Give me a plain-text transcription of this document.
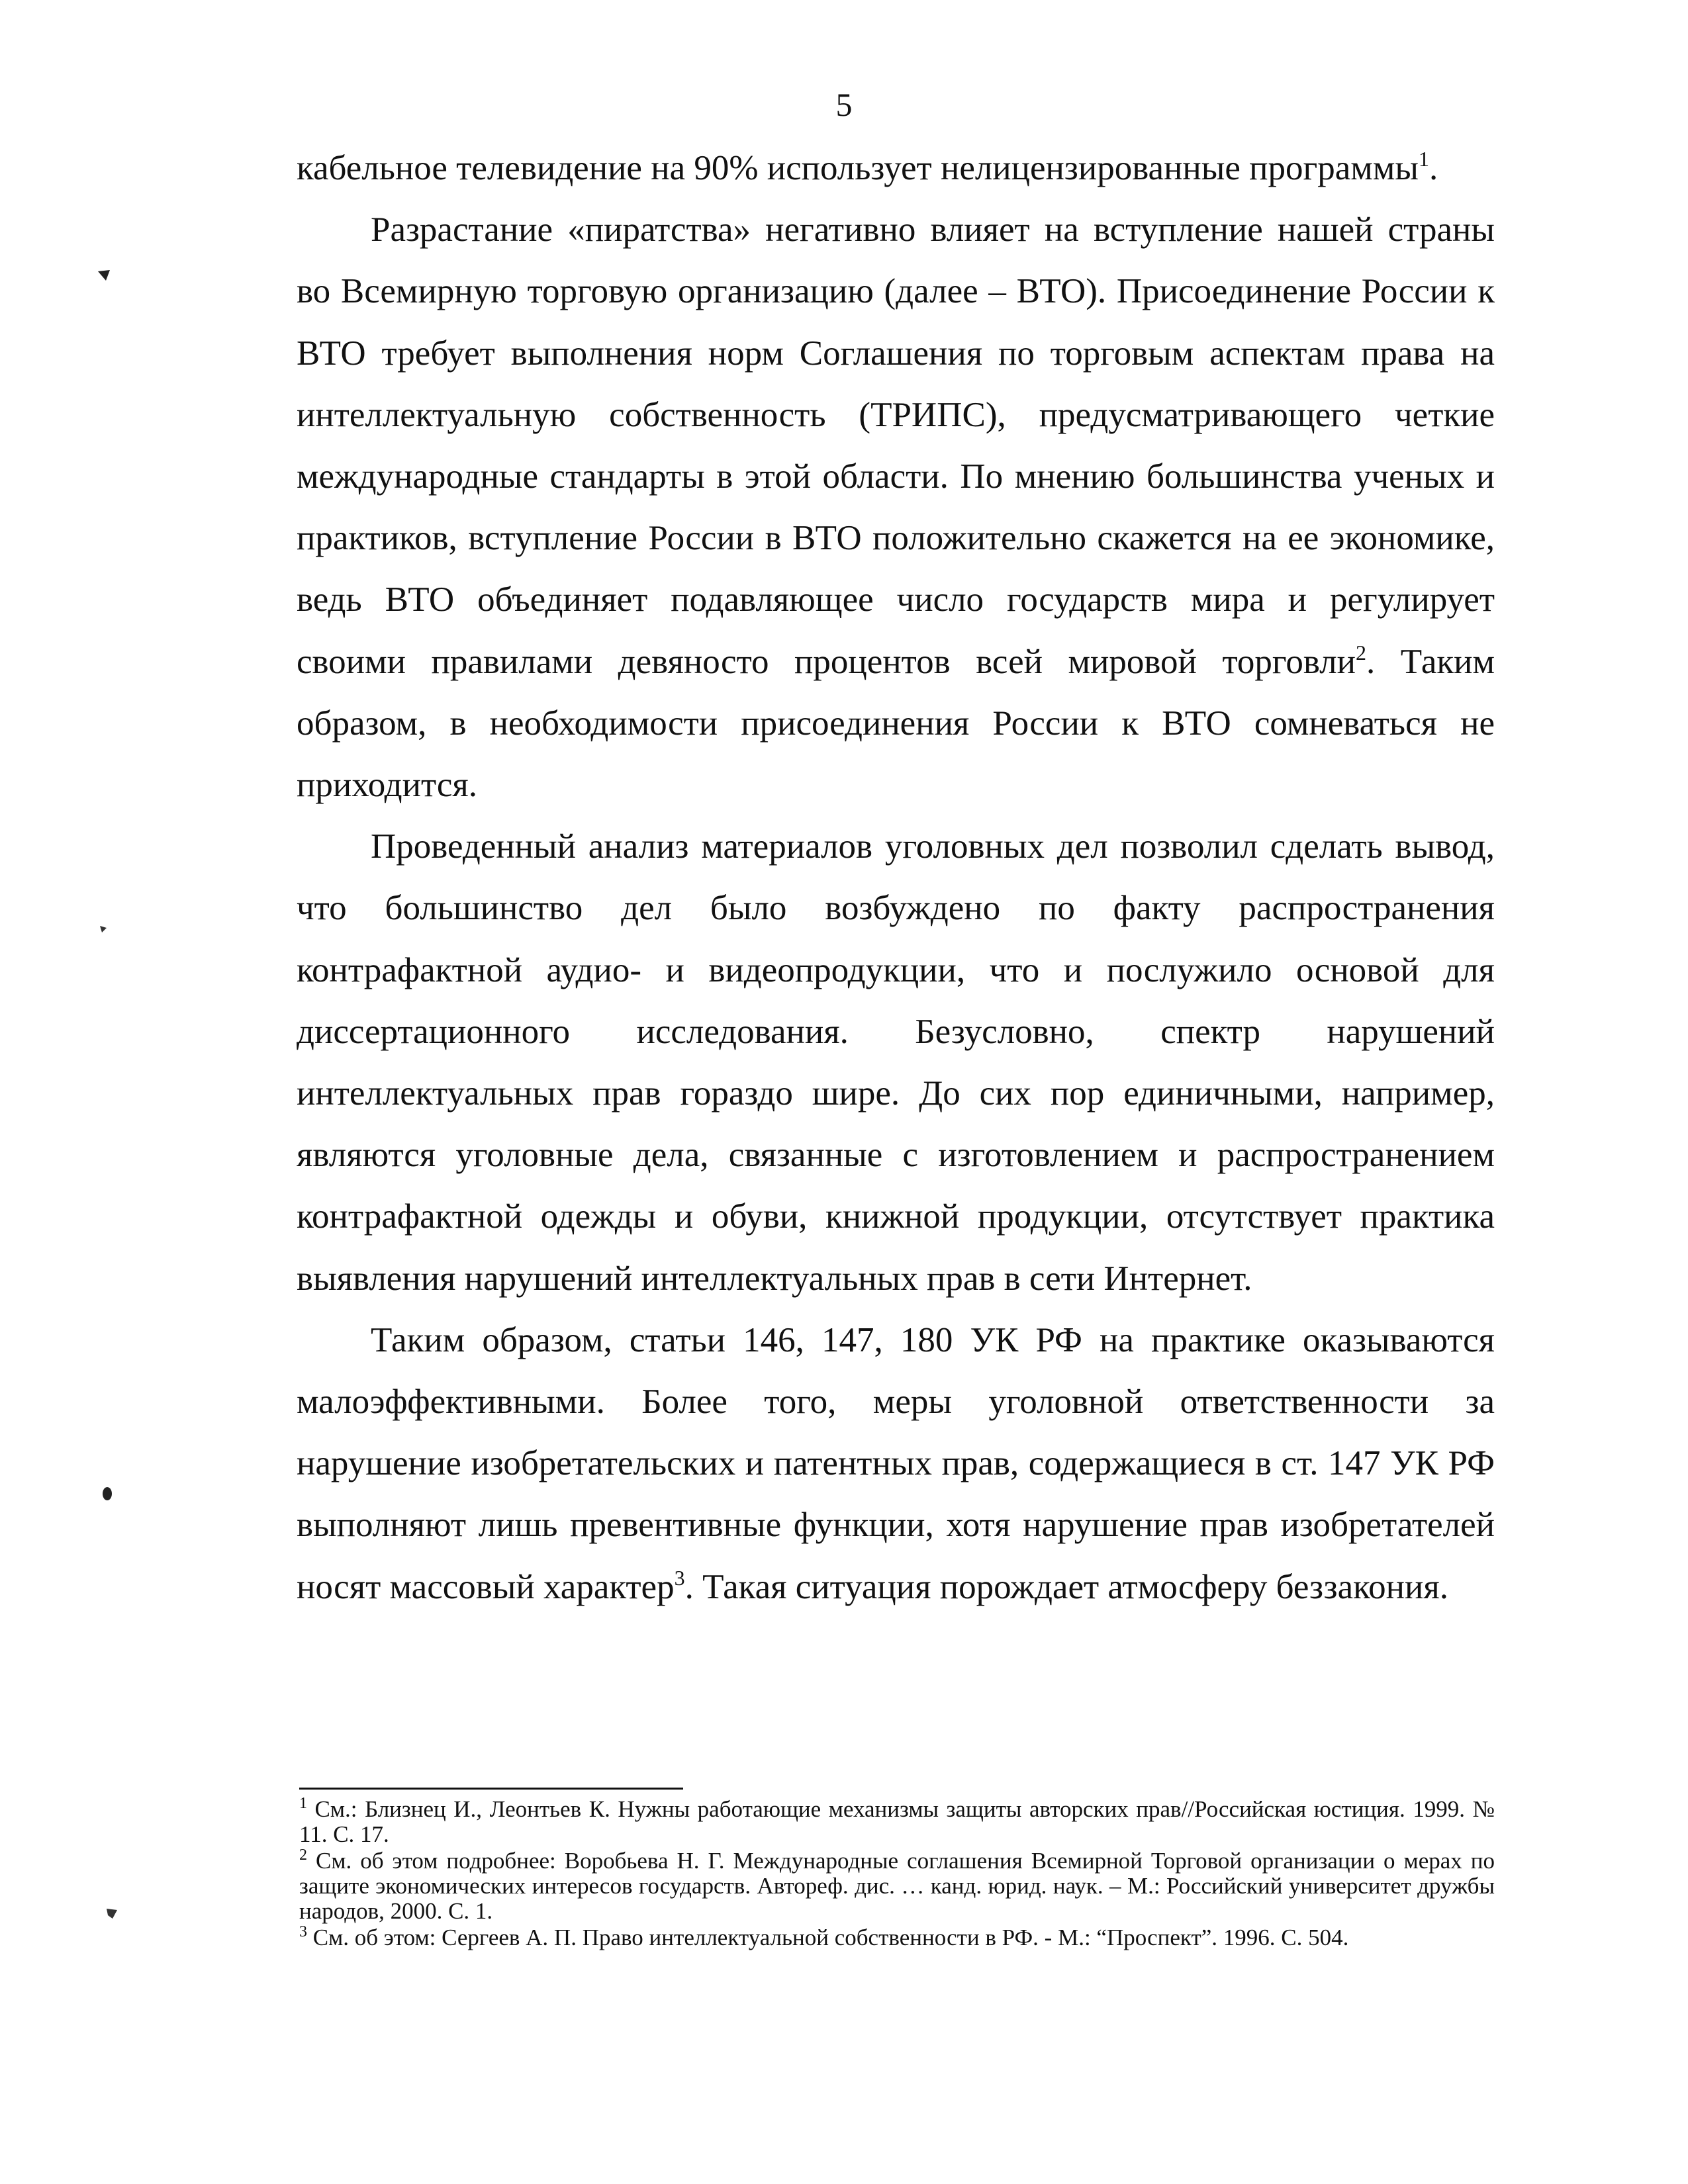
5

кабельное телевидение на 90% использует нелицензированные программы$^1$.

Разрастание «пиратства» негативно влияет на вступление нашей страны во Всемирную торговую организацию (далее – ВТО). Присоединение России к ВТО требует выполнения норм Соглашения по торговым аспектам права на интеллектуальную собственность (ТРИПС), предусматривающего четкие международные стандарты в этой области. По мнению большинства ученых и практиков, вступление России в ВТО положительно скажется на ее экономике, ведь ВТО объединяет подавляющее число государств мира и регулирует своими правилами девяносто процентов всей мировой торговли$^2$. Таким образом, в необходимости присоединения России к ВТО сомневаться не приходится.

Проведенный анализ материалов уголовных дел позволил сделать вывод, что большинство дел было возбуждено по факту распространения контрафактной аудио- и видеопродукции, что и послужило основой для диссертационного исследования. Безусловно, спектр нарушений интеллектуальных прав гораздо шире. До сих пор единичными, например, являются уголовные дела, связанные с изготовлением и распространением контрафактной одежды и обуви, книжной продукции, отсутствует практика выявления нарушений интеллектуальных прав в сети Интернет.

Таким образом, статьи 146, 147, 180 УК РФ на практике оказываются малоэффективными. Более того, меры уголовной ответственности за нарушение изобретательских и патентных прав, содержащиеся в ст. 147 УК РФ выполняют лишь превентивные функции, хотя нарушение прав изобретателей носят массовый характер$^3$. Такая ситуация порождает атмосферу беззакония.

$^1$ См.: Близнец И., Леонтьев К. Нужны работающие механизмы защиты авторских прав//Российская юстиция. 1999. № 11. С. 17.

$^2$ См. об этом подробнее: Воробьева Н. Г. Международные соглашения Всемирной Торговой организации о мерах по защите экономических интересов государств. Автореф. дис. … канд. юрид. наук. – М.: Российский университет дружбы народов, 2000. С. 1.

$^3$ См. об этом: Сергеев А. П. Право интеллектуальной собственности в РФ. - М.: “Проспект”. 1996. С. 504.
